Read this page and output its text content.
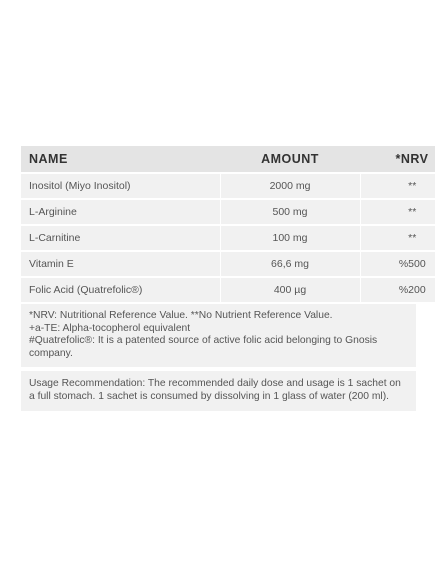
NAME	AMOUNT	*NRV
Inositol (Miyo Inositol)	2000 mg	**
L-Arginine	500 mg	**
L-Carnitine	100 mg	**
Vitamin E	66,6 mg	%500
Folic Acid (Quatrefolic®)	400 µg	%200
*NRV: Nutritional Reference Value. **No Nutrient Reference Value.
+a-TE: Alpha-tocopherol equivalent
#Quatrefolic®: It is a patented source of active folic acid belonging to Gnosis company.
Usage Recommendation: The recommended daily dose and usage is 1 sachet on a full stomach. 1 sachet is consumed by dissolving in 1 glass of water (200 ml).
